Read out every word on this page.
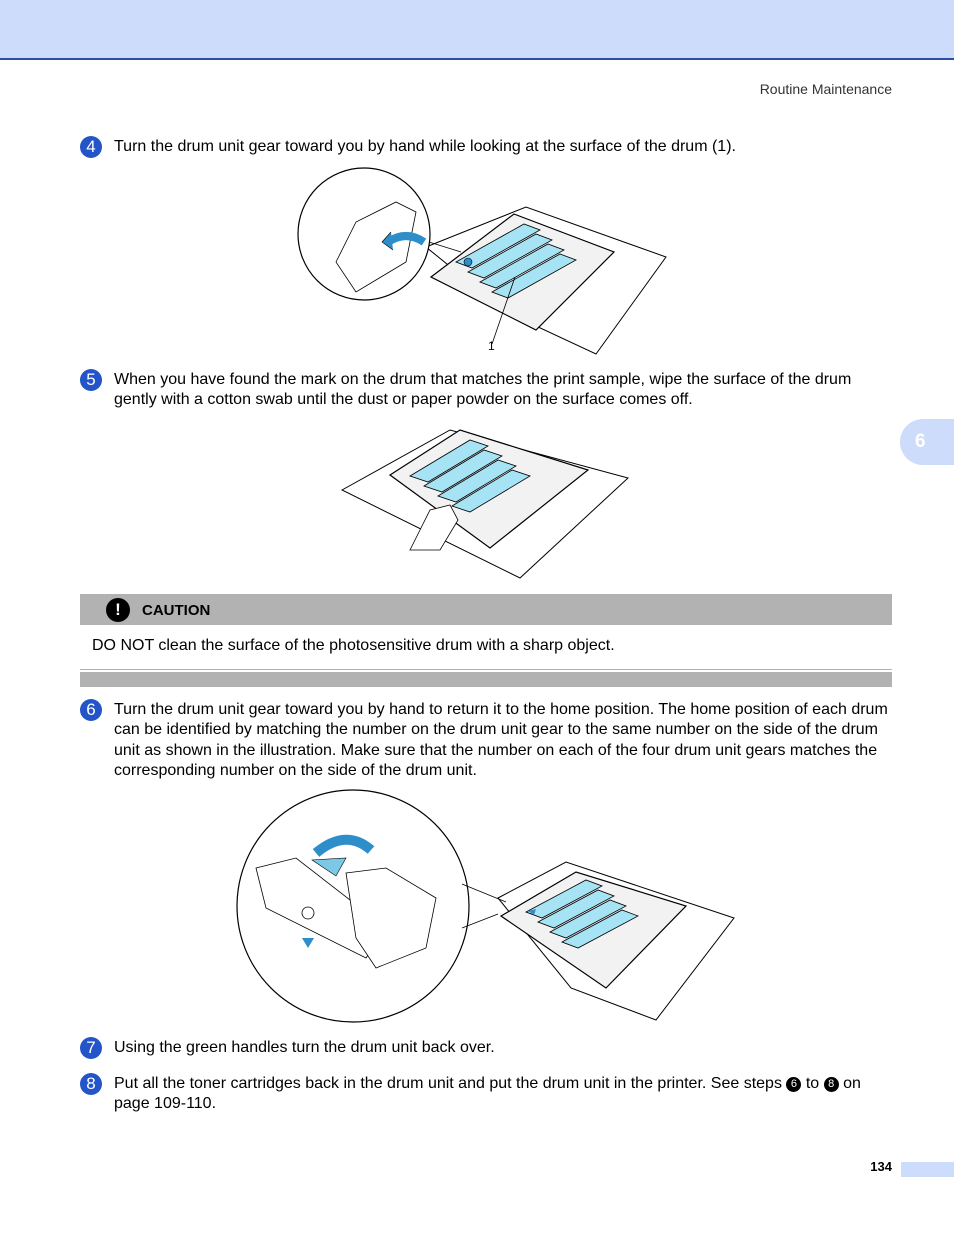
Routine Maintenance
6
4	Turn the drum unit gear toward you by hand while looking at the surface of the drum (1).
1
5	When you have found the mark on the drum that matches the print sample, wipe the surface of the drum gently with a cotton swab until the dust or paper powder on the surface comes off.
!	CAUTION
DO NOT clean the surface of the photosensitive drum with a sharp object.
6	Turn the drum unit gear toward you by hand to return it to the home position. The home position of each drum can be identified by matching the number on the drum unit gear to the same number on the side of the drum unit as shown in the illustration. Make sure that the number on each of the four drum unit gears matches the corresponding number on the side of the drum unit.
7	Using the green handles turn the drum unit back over.
8	Put all the toner cartridges back in the drum unit and put the drum unit in the printer. See steps 6 to 8 on page 109-110.
134
